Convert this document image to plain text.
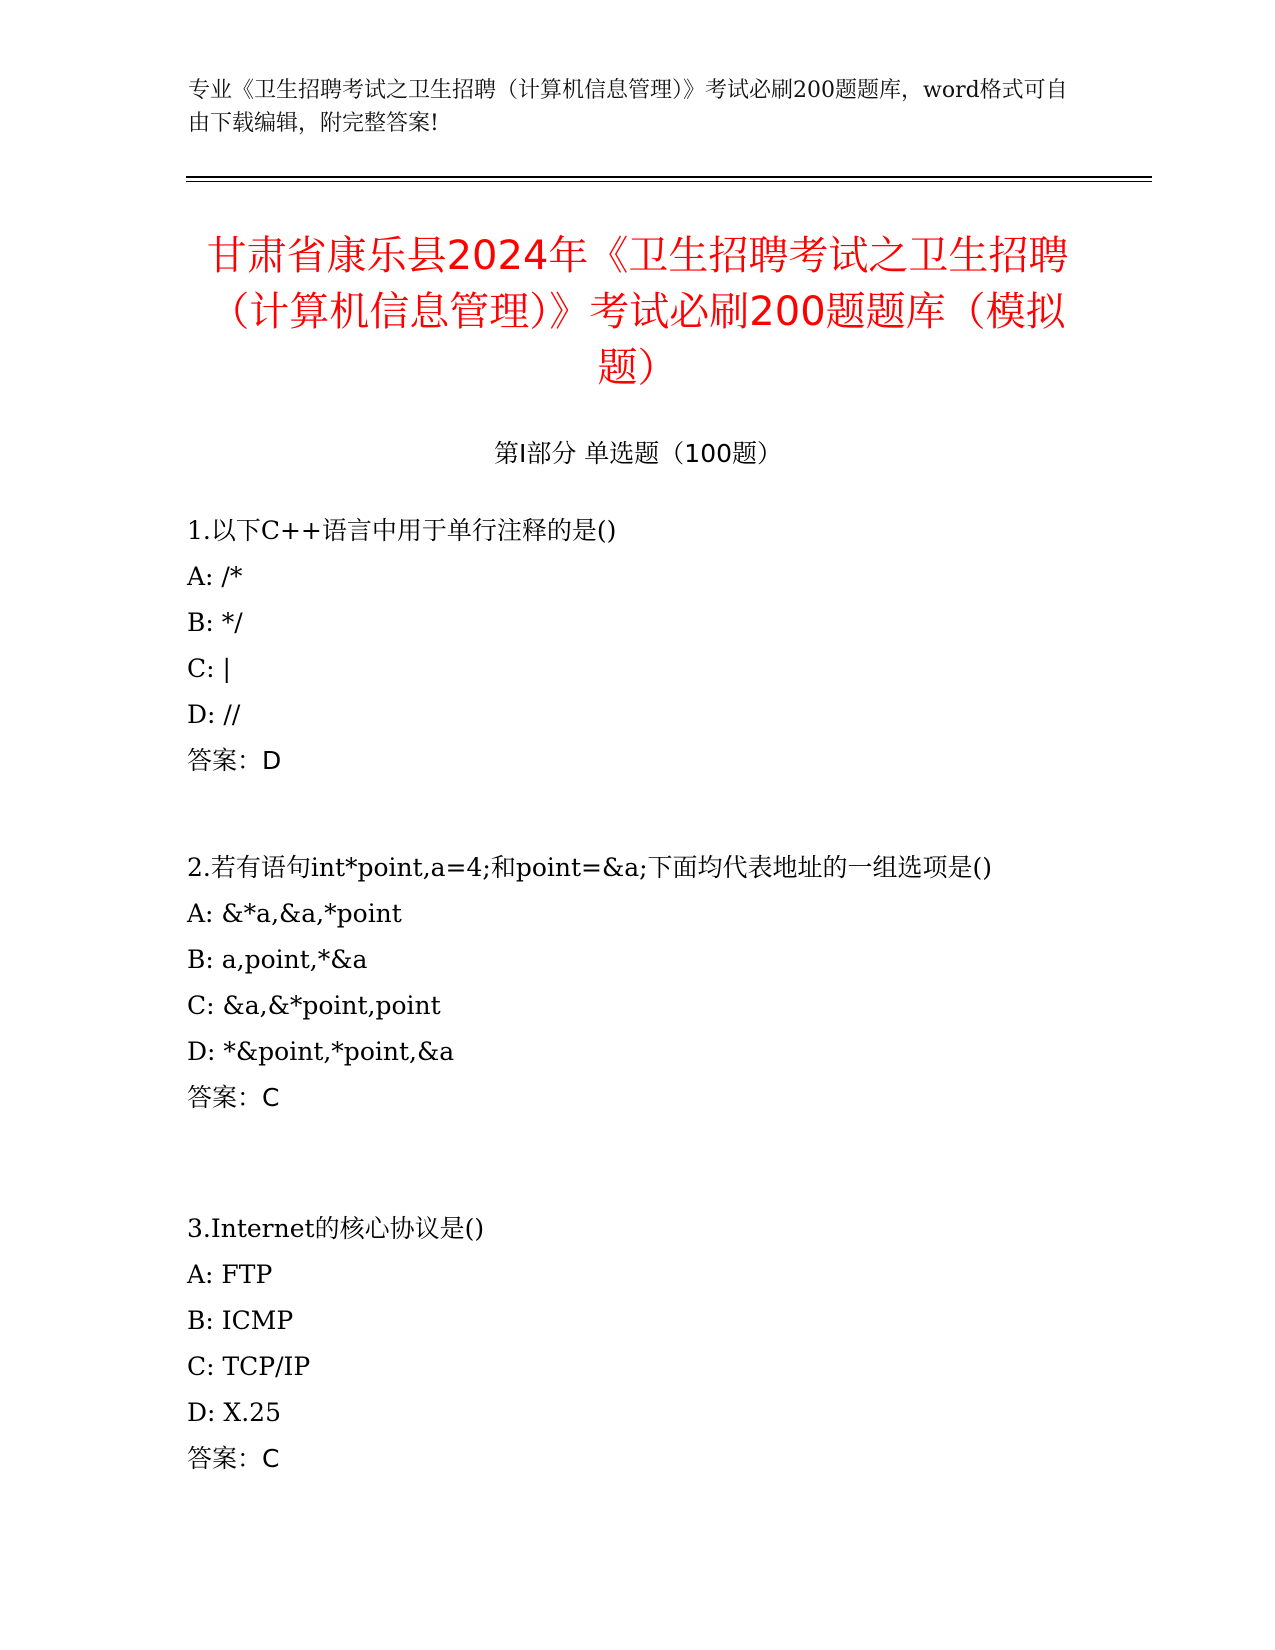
专业《卫生招聘考试之卫生招聘（计算机信息管理）》考试必刷200题题库，word格式可自由下载编辑，附完整答案!
甘肃省康乐县2024年《卫生招聘考试之卫生招聘（计算机信息管理）》考试必刷200题题库（模拟题）
第Ⅰ部分 单选题（100题）

1.以下C++语言中用于单行注释的是()

A: /*

B: */

C: |

D: //

答案：D

2.若有语句int*point,a=4;和point=&a;下面均代表地址的一组选项是()

A: &*a,&a,*point

B: a,point,*&a

C: &a,&*point,point

D: *&point,*point,&a

答案：C

3.Internet的核心协议是()

A: FTP

B: ICMP

C: TCP/IP

D: X.25

答案：C
